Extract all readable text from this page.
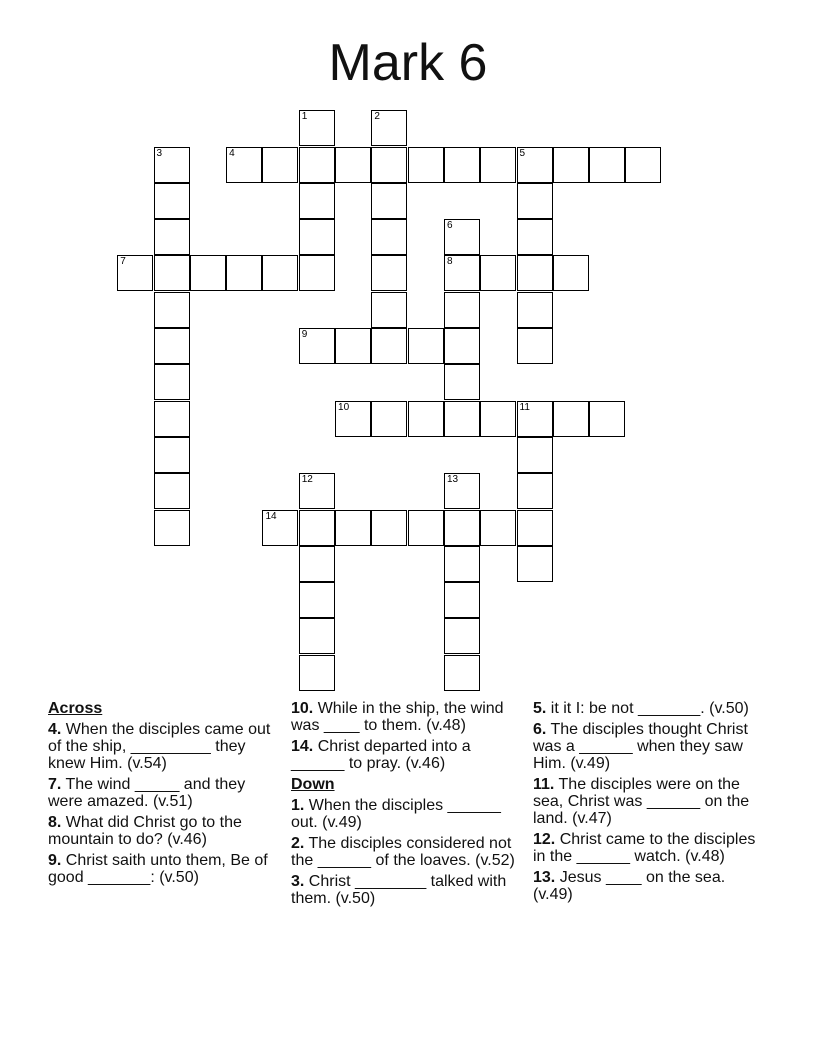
Mark 6
1	2
3	4	5
6
8
7
9
10	11
12	13
14
Across
4. When the disciples came out of the ship, _________ they knew Him. (v.54)
7. The wind _____ and they were amazed. (v.51)
8. What did Christ go to the mountain to do? (v.46)
9. Christ saith unto them, Be of good _______: (v.50)
10. While in the ship, the wind was ____ to them. (v.48)
14. Christ departed into a ______ to pray. (v.46)
Down
1. When the disciples ______ out. (v.49)
2. The disciples considered not the ______ of the loaves. (v.52)
3. Christ ________ talked with them. (v.50)
5. it it I: be not _______. (v.50)
6. The disciples thought Christ was a ______ when they saw Him. (v.49)
11. The disciples were on the sea, Christ was ______ on the land. (v.47)
12. Christ came to the disciples in the ______ watch. (v.48)
13. Jesus ____ on the sea. (v.49)
